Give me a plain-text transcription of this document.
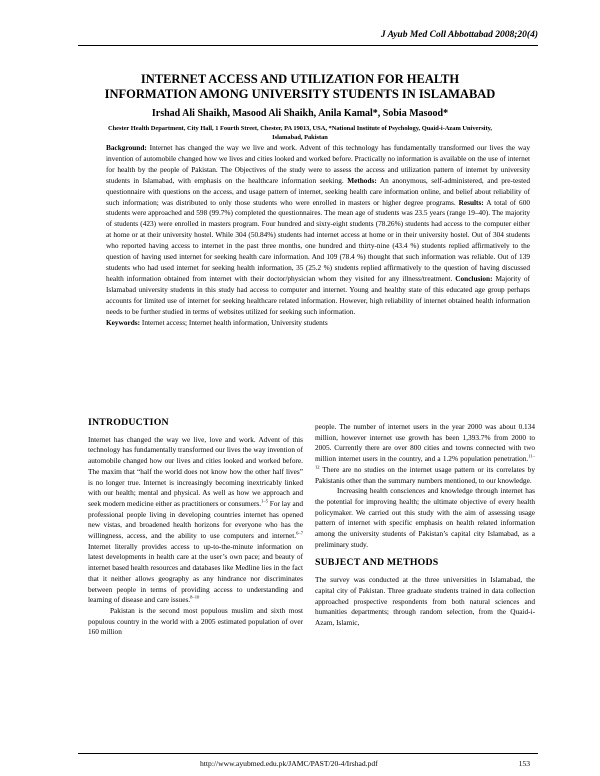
J Ayub Med Coll Abbottabad 2008;20(4)
INTERNET ACCESS AND UTILIZATION FOR HEALTH
INFORMATION AMONG UNIVERSITY STUDENTS IN ISLAMABAD
Irshad Ali Shaikh, Masood Ali Shaikh, Anila Kamal*, Sobia Masood*
Chester Health Department, City Hall, 1 Fourth Street, Chester, PA 19013, USA, *National Institute of Psychology, Quaid-i-Azam University, Islamabad, Pakistan
Background: Internet has changed the way we live and work. Advent of this technology has fundamentally transformed our lives the way invention of automobile changed how we lives and cities looked and worked before. Practically no information is available on the use of internet for health by the people of Pakistan. The Objectives of the study were to assess the access and utilization pattern of internet by university students in Islamabad, with emphasis on the healthcare information seeking. Methods: An anonymous, self-administered, and pre-tested questionnaire with questions on the access, and usage pattern of internet, seeking health care information online, and belief about reliability of such information; was distributed to only those students who were enrolled in masters or higher degree programs. Results: A total of 600 students were approached and 598 (99.7%) completed the questionnaires. The mean age of students was 23.5 years (range 19–40). The majority of students (423) were enrolled in masters program. Four hundred and sixty-eight students (78.26%) students had access to the computer either at home or at their university hostel. While 304 (50.84%) students had internet access at home or in their university hostel. Out of 304 students who reported having access to internet in the past three months, one hundred and thirty-nine (43.4 %) students replied affirmatively to the question of having used internet for seeking health care information. And 109 (78.4 %) thought that such information was reliable. Out of 139 students who had used internet for seeking health information, 35 (25.2 %) students replied affirmatively to the question of having discussed health information obtained from internet with their doctor/physician whom they visited for any illness/treatment. Conclusion: Majority of Islamabad university students in this study had access to computer and internet. Young and healthy state of this educated age group perhaps accounts for limited use of internet for seeking healthcare related information. However, high reliability of internet obtained health information needs to be further studied in terms of websites utilized for seeking such information.
Keywords: Internet access; Internet health information, University students
INTRODUCTION

Internet has changed the way we live, love and work. Advent of this technology has fundamentally transformed our lives the way invention of automobile changed how our lives and cities looked and worked before. The maxim that “half the world does not know how the other half lives” is no longer true. Internet is increasingly becoming inextricably linked with our health; mental and physical. As well as how we approach and seek modern medicine either as practitioners or consumers.$^{1-5}$ For lay and professional people living in developing countries internet has opened new vistas, and broadened health horizons for everyone who has the willingness, access, and the ability to use computers and internet.$^{6-7}$ Internet literally provides access to up-to-the-minute information on latest developments in health care at the user’s own pace; and beauty of internet based health resources and databases like Medline lies in the fact that it neither allows geography as any hindrance nor discriminates between people in terms of providing access to understanding and learning of disease and care issues.$^{8-10}$

Pakistan is the second most populous muslim and sixth most populous country in the world with a 2005 estimated population of over 160 million

people. The number of internet users in the year 2000 was about 0.134 million, however internet use growth has been 1,393.7% from 2000 to 2005. Currently there are over 800 cities and towns connected with two million internet users in the country, and a 1.2% population penetration.$^{11-12}$ There are no studies on the internet usage pattern or its correlates by Pakistanis other than the summary numbers mentioned, to our knowledge.

Increasing health consciences and knowledge through internet has the potential for improving health; the ultimate objective of every health policymaker. We carried out this study with the aim of assessing usage pattern of internet with specific emphasis on health related information among the university students of Pakistan’s capital city Islamabad, as a preliminary study.

SUBJECT AND METHODS

The survey was conducted at the three universities in Islamabad, the capital city of Pakistan. Three graduate students trained in data collection approached prospective respondents from both natural sciences and humanities departments; through random selection, from the Quaid-i-Azam, Islamic,

http://www.ayubmed.edu.pk/JAMC/PAST/20-4/Irshad.pdf	153
